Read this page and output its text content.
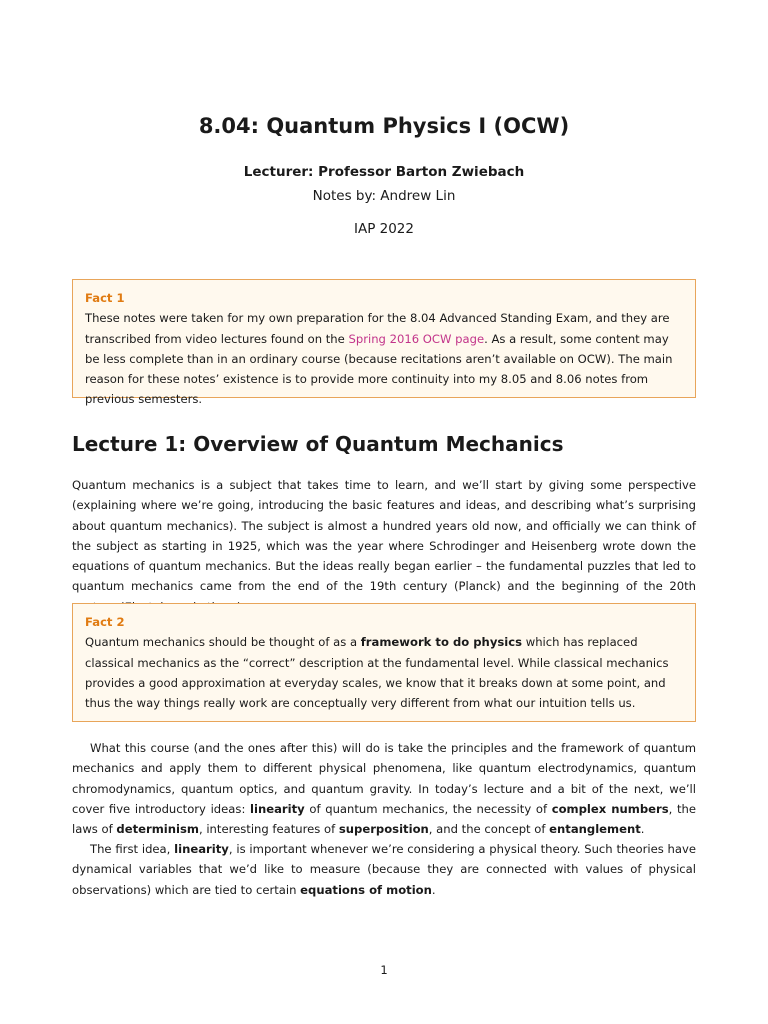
8.04: Quantum Physics I (OCW)
Lecturer: Professor Barton Zwiebach
Notes by: Andrew Lin
IAP 2022
Fact 1
These notes were taken for my own preparation for the 8.04 Advanced Standing Exam, and they are transcribed from video lectures found on the Spring 2016 OCW page. As a result, some content may be less complete than in an ordinary course (because recitations aren’t available on OCW). The main reason for these notes’ existence is to provide more continuity into my 8.05 and 8.06 notes from previous semesters.
Lecture 1: Overview of Quantum Mechanics

Quantum mechanics is a subject that takes time to learn, and we’ll start by giving some perspective (explaining where we’re going, introducing the basic features and ideas, and describing what’s surprising about quantum mechanics). The subject is almost a hundred years old now, and officially we can think of the subject as starting in 1925, which was the year where Schrodinger and Heisenberg wrote down the equations of quantum mechanics. But the ideas really began earlier – the fundamental puzzles that led to quantum mechanics came from the end of the 19th century (Planck) and the beginning of the 20th

Fact 2
Quantum mechanics should be thought of as a framework to do physics which has replaced classical mechanics as the “correct” description at the fundamental level. While classical mechanics provides a good approximation at everyday scales, we know that it breaks down at some point, and thus the way things really work are conceptually very different from what our intuition tells us.

What this course (and the ones after this) will do is take the principles and the framework of quantum mechanics and apply them to different physical phenomena, like quantum electrodynamics, quantum chromodynamics, quantum optics, and quantum gravity. In today’s lecture and a bit of the next, we’ll cover five introductory ideas: linearity of quantum mechanics, the necessity of complex numbers, the laws of determinism, interesting features of superposition, and the concept of entanglement.

The first idea, linearity, is important whenever we’re considering a physical theory. Such theories have dynamical variables that we’d like to measure (because they are connected with values of physical observations) which are tied to certain equations of motion.

1
